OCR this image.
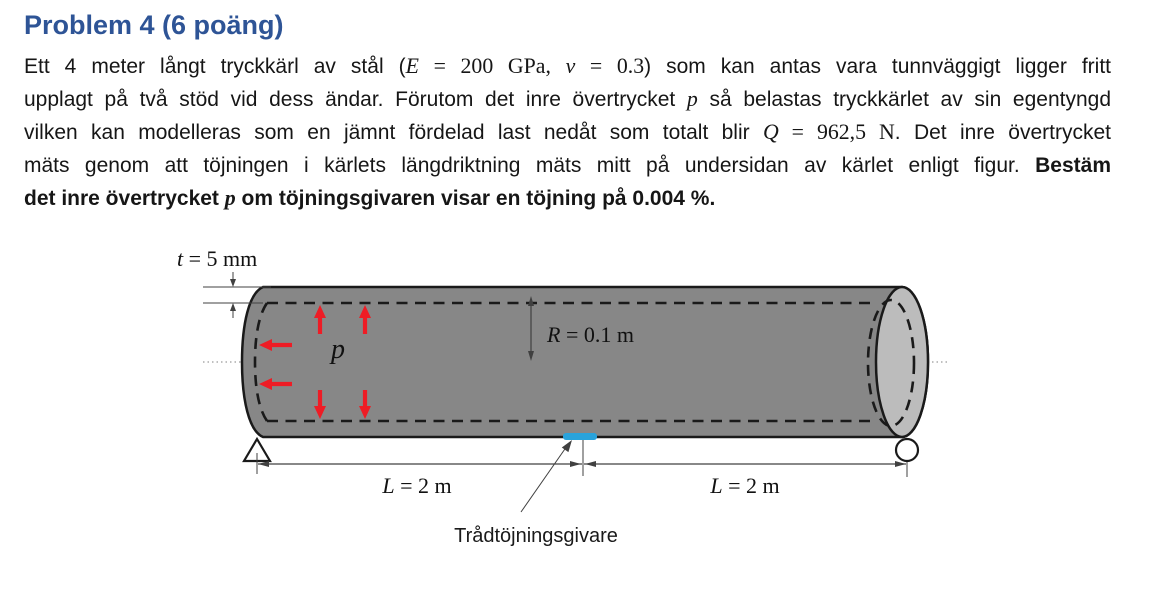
Problem 4 (6 poäng)
Ett 4 meter långt tryckkärl av stål (E = 200 GPa, ν = 0.3) som kan antas vara tunnväggigt ligger fritt
upplagt på två stöd vid dess ändar. Förutom det inre övertrycket p så belastas tryckkärlet av sin egentyngd
vilken kan modelleras som en jämnt fördelad last nedåt som totalt blir Q = 962,5 N. Det inre övertrycket
mäts genom att töjningen i kärlets längdriktning mäts mitt på undersidan av kärlet enligt figur. Bestäm
det inre övertrycket p om töjningsgivaren visar en töjning på 0.004 %.
p	R = 0.1 m
t = 5 mm
L = 2 m	L = 2 m
Trådtöjningsgivare
